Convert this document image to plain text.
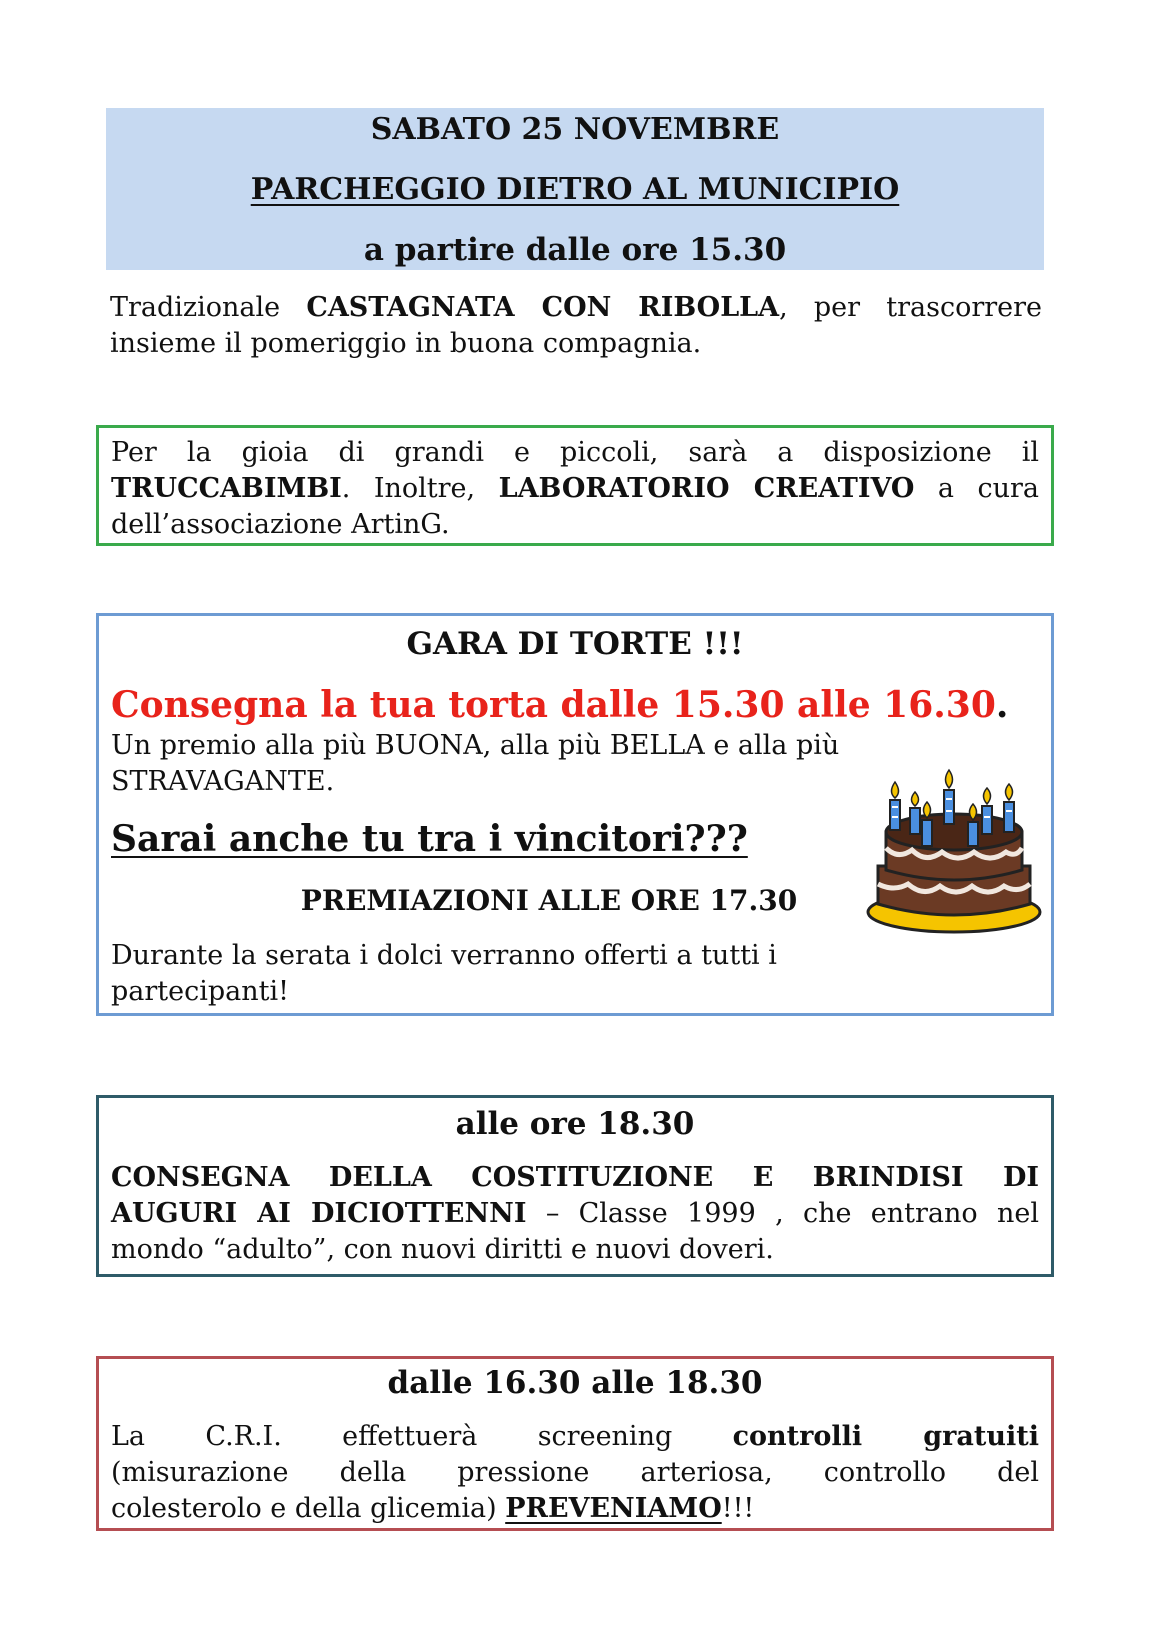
SABATO 25 NOVEMBRE
PARCHEGGIO DIETRO AL MUNICIPIO
a partire dalle ore 15.30
Tradizionale CASTAGNATA CON RIBOLLA, per trascorrere
insieme il pomeriggio in buona compagnia.
Per la gioia di grandi e piccoli, sarà a disposizione il
TRUCCABIMBI. Inoltre, LABORATORIO CREATIVO a cura
dell’associazione ArtinG.
GARA DI TORTE !!!
Consegna la tua torta dalle 15.30 alle 16.30.
Un premio alla più BUONA, alla più BELLA e alla più
STRAVAGANTE.
Sarai anche tu tra i vincitori???
PREMIAZIONI ALLE ORE 17.30
Durante la serata i dolci verranno offerti a tutti i
partecipanti!
alle ore 18.30
CONSEGNA DELLA COSTITUZIONE E BRINDISI DI
AUGURI AI DICIOTTENNI – Classe 1999 , che entrano nel
mondo “adulto”, con nuovi diritti e nuovi doveri.
dalle 16.30 alle 18.30
La C.R.I. effettuerà screening controlli gratuiti
(misurazione della pressione arteriosa, controllo del
colesterolo e della glicemia) PREVENIAMO!!!
